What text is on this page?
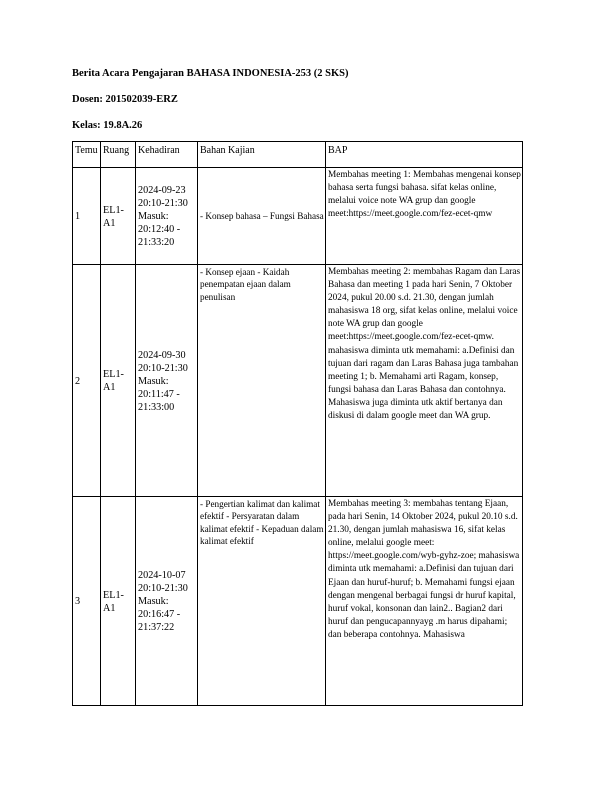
Berita Acara Pengajaran BAHASA INDONESIA-253 (2 SKS)
Dosen: 201502039-ERZ
Kelas: 19.8A.26
Temu	Ruang	Kehadiran	Bahan Kajian	BAP
1	EL1-A1	2024-09-23 20:10-21:30 Masuk: 20:12:40 - 21:33:20	- Konsep bahasa – Fungsi Bahasa	Membahas meeting 1: Membahas mengenai konsep bahasa serta fungsi bahasa. sifat kelas online, melalui voice note WA grup dan google meet:https://meet.google.com/fez-ecet-qmw
2	EL1-A1	2024-09-30 20:10-21:30 Masuk: 20:11:47 - 21:33:00	- Konsep ejaan - Kaidah penempatan ejaan dalam penulisan	Membahas meeting 2: membahas Ragam dan Laras Bahasa dan meeting 1 pada hari Senin, 7 Oktober 2024, pukul 20.00 s.d. 21.30, dengan jumlah mahasiswa 18 org, sifat kelas online, melalui voice note WA grup dan google meet:https://meet.google.com/fez-ecet-qmw. mahasiswa diminta utk memahami: a.Definisi dan tujuan dari ragam dan Laras Bahasa juga tambahan meeting 1; b. Memahami arti Ragam, konsep, fungsi bahasa dan Laras Bahasa dan contohnya. Mahasiswa juga diminta utk aktif bertanya dan diskusi di dalam google meet dan WA grup.
3	EL1-A1	2024-10-07 20:10-21:30 Masuk: 20:16:47 - 21:37:22	- Pengertian kalimat dan kalimat efektif - Persyaratan dalam kalimat efektif - Kepaduan dalam kalimat efektif	Membahas meeting 3: membahas tentang Ejaan, pada hari Senin, 14 Oktober 2024, pukul 20.10 s.d. 21.30, dengan jumlah mahasiswa 16, sifat kelas online, melalui google meet: https://meet.google.com/wyb-gyhz-zoe; mahasiswa diminta utk memahami: a.Definisi dan tujuan dari Ejaan dan huruf-huruf; b. Memahami fungsi ejaan dengan mengenal berbagai fungsi dr huruf kapital, huruf vokal, konsonan dan lain2.. Bagian2 dari huruf dan pengucapannyayg .m harus dipahami; dan beberapa contohnya. Mahasiswa
